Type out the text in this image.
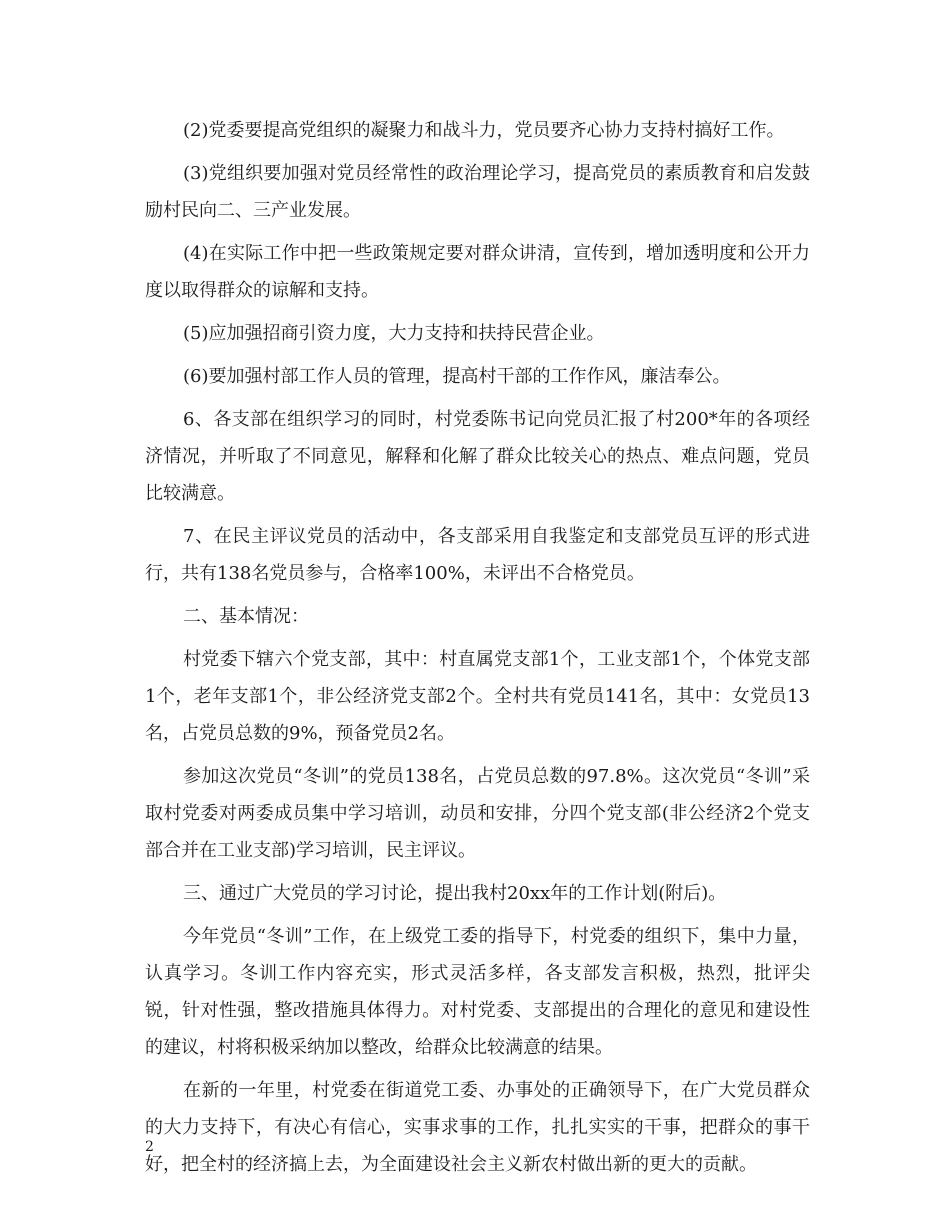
(2)党委要提高党组织的凝聚力和战斗力，党员要齐心协力支持村搞好工作。

(3)党组织要加强对党员经常性的政治理论学习，提高党员的素质教育和启发鼓励村民向二、三产业发展。

(4)在实际工作中把一些政策规定要对群众讲清，宣传到，增加透明度和公开力度以取得群众的谅解和支持。

(5)应加强招商引资力度，大力支持和扶持民营企业。

(6)要加强村部工作人员的管理，提高村干部的工作作风，廉洁奉公。

6、各支部在组织学习的同时，村党委陈书记向党员汇报了村200*年的各项经济情况，并听取了不同意见，解释和化解了群众比较关心的热点、难点问题，党员比较满意。

7、在民主评议党员的活动中，各支部采用自我鉴定和支部党员互评的形式进行，共有138名党员参与，合格率100%，未评出不合格党员。

二、基本情况：

村党委下辖六个党支部，其中：村直属党支部1个，工业支部1个，个体党支部1个，老年支部1个，非公经济党支部2个。全村共有党员141名，其中：女党员13名，占党员总数的9%，预备党员2名。

参加这次党员“冬训”的党员138名，占党员总数的97.8%。这次党员“冬训”采取村党委对两委成员集中学习培训，动员和安排，分四个党支部(非公经济2个党支部合并在工业支部)学习培训，民主评议。

三、通过广大党员的学习讨论，提出我村20xx年的工作计划(附后)。

今年党员“冬训”工作，在上级党工委的指导下，村党委的组织下，集中力量，认真学习。冬训工作内容充实，形式灵活多样，各支部发言积极，热烈，批评尖锐，针对性强，整改措施具体得力。对村党委、支部提出的合理化的意见和建设性的建议，村将积极采纳加以整改，给群众比较满意的结果。

在新的一年里，村党委在街道党工委、办事处的正确领导下，在广大党员群众的大力支持下，有决心有信心，实事求事的工作，扎扎实实的干事，把群众的事干好，把全村的经济搞上去，为全面建设社会主义新农村做出新的更大的贡献。

2
